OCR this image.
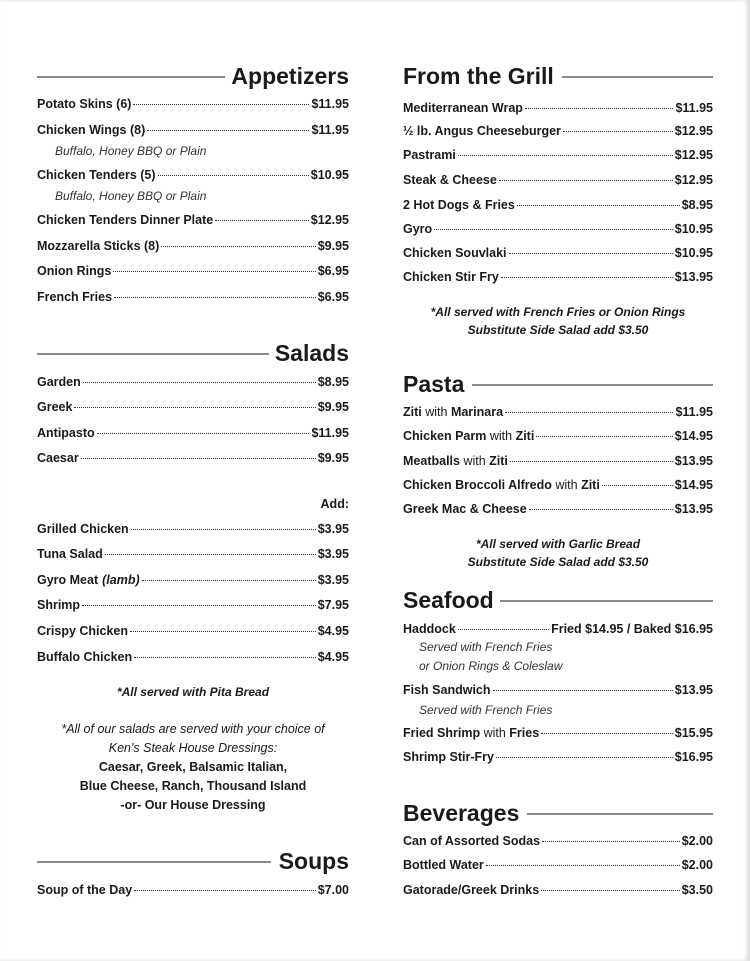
Appetizers
Potato Skins (6)	$11.95
Chicken Wings (8)	$11.95
Buffalo, Honey BBQ or Plain
Chicken Tenders (5)	$10.95
Buffalo, Honey BBQ or Plain
Chicken Tenders Dinner Plate	$12.95
Mozzarella Sticks (8)	$9.95
Onion Rings	$6.95
French Fries	$6.95
Salads
Garden	$8.95
Greek	$9.95
Antipasto	$11.95
Caesar	$9.95
Add:
Grilled Chicken	$3.95
Tuna Salad	$3.95
Gyro Meat (lamb)	$3.95
Shrimp	$7.95
Crispy Chicken	$4.95
Buffalo Chicken	$4.95
*All served with Pita Bread
*All of our salads are served with your choice of
Ken's Steak House Dressings:
Caesar, Greek, Balsamic Italian,
Blue Cheese, Ranch, Thousand Island
-or- Our House Dressing
Soups
Soup of the Day	$7.00
From the Grill
Mediterranean Wrap	$11.95
½ lb. Angus Cheeseburger	$12.95
Pastrami	$12.95
Steak & Cheese	$12.95
2 Hot Dogs & Fries	$8.95
Gyro	$10.95
Chicken Souvlaki	$10.95
Chicken Stir Fry	$13.95
*All served with French Fries or Onion Rings
Substitute Side Salad add $3.50
Pasta
Ziti with Marinara	$11.95
Chicken Parm with Ziti	$14.95
Meatballs with Ziti	$13.95
Chicken Broccoli Alfredo with Ziti	$14.95
Greek Mac & Cheese	$13.95
*All served with Garlic Bread
Substitute Side Salad add $3.50
Seafood
Haddock	Fried $14.95 / Baked $16.95
Served with French Fries
or Onion Rings & Coleslaw
Fish Sandwich	$13.95
Served with French Fries
Fried Shrimp with Fries	$15.95
Shrimp Stir-Fry	$16.95
Beverages
Can of Assorted Sodas	$2.00
Bottled Water	$2.00
Gatorade/Greek Drinks	$3.50
